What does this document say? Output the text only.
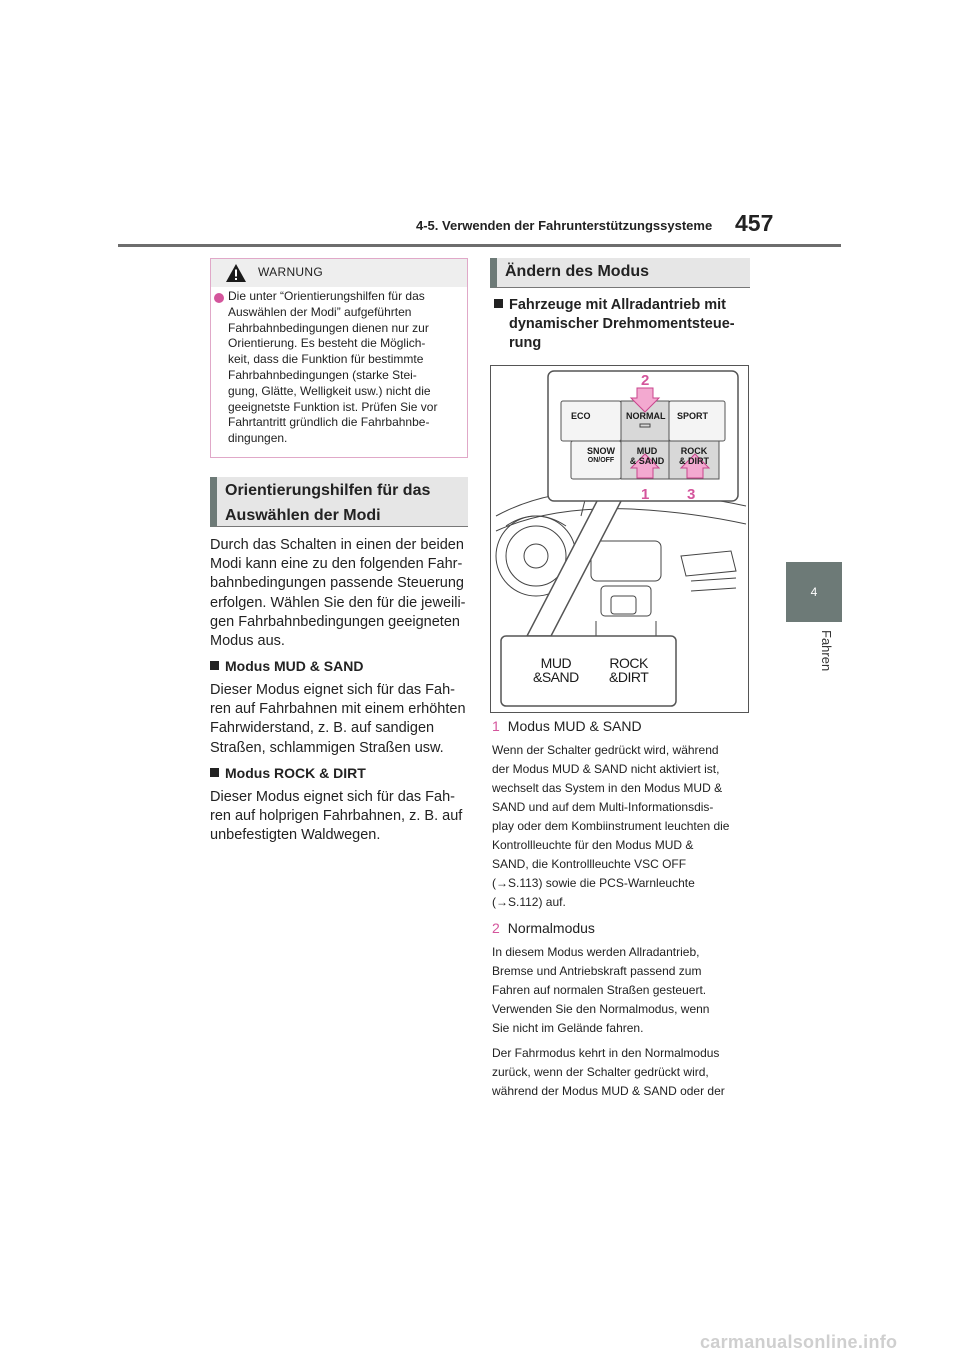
4-5. Verwenden der Fahrunterstützungssysteme 457
4
Fahren
WARNUNG
Die unter “Orientierungshilfen für das
Auswählen der Modi” aufgeführten
Fahrbahnbedingungen dienen nur zur
Orientierung. Es besteht die Möglich-
keit, dass die Funktion für bestimmte
Fahrbahnbedingungen (starke Stei-
gung, Glätte, Welligkeit usw.) nicht die
geeignetste Funktion ist. Prüfen Sie vor
Fahrtantritt gründlich die Fahrbahnbe-
dingungen.
Orientierungshilfen für das
Auswählen der Modi
Durch das Schalten in einen der beiden
Modi kann eine zu den folgenden Fahr-
bahnbedingungen passende Steuerung
erfolgen. Wählen Sie den für die jeweili-
gen Fahrbahnbedingungen geeigneten
Modus aus.
Modus MUD & SAND
Dieser Modus eignet sich für das Fah-
ren auf Fahrbahnen mit einem erhöhten
Fahrwiderstand, z. B. auf sandigen
Straßen, schlammigen Straßen usw.
Modus ROCK & DIRT
Dieser Modus eignet sich für das Fah-
ren auf holprigen Fahrbahnen, z. B. auf
unbefestigten Waldwegen.
Ändern des Modus
Fahrzeuge mit Allradantrieb mit
dynamischer Drehmomentsteue-
rung
ECO	NORMAL SPORT
SNOW
ON/OFF
MUD
& SAND
ROCK
& DIRT
2
1	3
MUD
&SAND
ROCK
&DIRT
1 Modus MUD & SAND
Wenn der Schalter gedrückt wird, während
der Modus MUD & SAND nicht aktiviert ist,
wechselt das System in den Modus MUD &
SAND und auf dem Multi-Informationsdis-
play oder dem Kombiinstrument leuchten die
Kontrollleuchte für den Modus MUD &
SAND, die Kontrollleuchte VSC OFF
(→S.113) sowie die PCS-Warnleuchte
(→S.112) auf.
2 Normalmodus
In diesem Modus werden Allradantrieb,
Bremse und Antriebskraft passend zum
Fahren auf normalen Straßen gesteuert.
Verwenden Sie den Normalmodus, wenn
Sie nicht im Gelände fahren.
Der Fahrmodus kehrt in den Normalmodus
zurück, wenn der Schalter gedrückt wird,
während der Modus MUD & SAND oder der
carmanualsonline.info
